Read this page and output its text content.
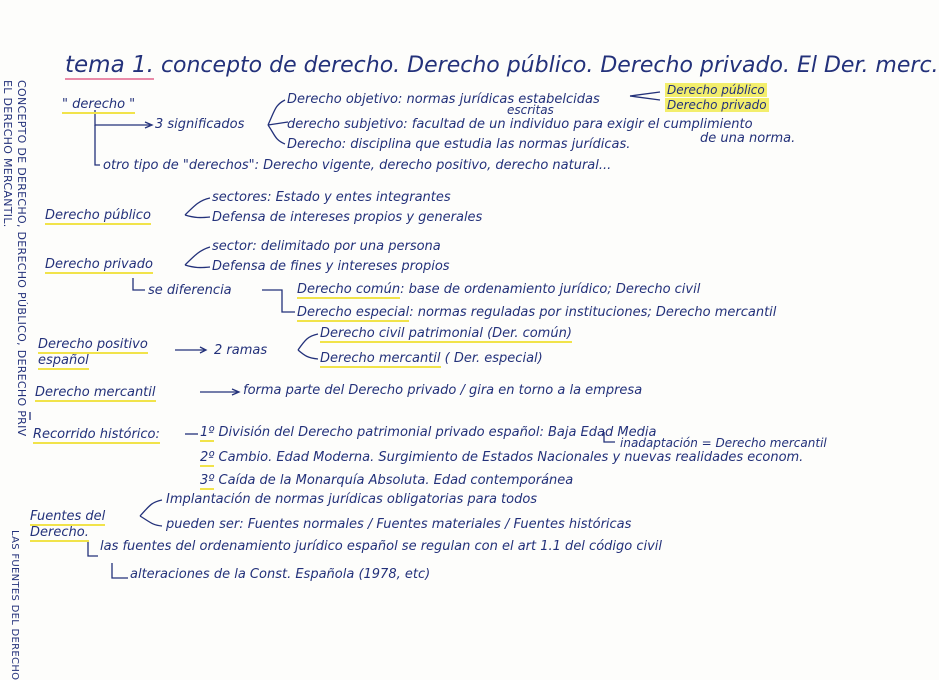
CONCEPTO DE DERECHO, DERECHO PÚBLICO, DERECHO PRIV
EL DERECHO MERCANTIL.
LAS FUENTES DEL DERECHO
tema 1. concepto de derecho. Derecho público. Derecho privado. El Der. merc.
" derecho "
3 significados
Derecho objetivo: normas jurídicas estabelcidas
escritas
Derecho público
Derecho privado
derecho subjetivo: facultad de un individuo para exigir el cumplimiento
de una norma.
Derecho: disciplina que estudia las normas jurídicas.
otro tipo de "derechos": Derecho vigente, derecho positivo, derecho natural...
Derecho público
sectores: Estado y entes integrantes
Defensa de intereses propios y generales
Derecho privado
sector: delimitado por una persona
Defensa de fines y intereses propios
se diferencia	Derecho común: base de ordenamiento jurídico; Derecho civil
Derecho especial: normas reguladas por instituciones; Derecho mercantil
Derecho positivo
español
2 ramas
Derecho civil patrimonial (Der. común)
Derecho mercantil ( Der. especial)
Derecho mercantil	forma parte del Derecho privado / gira en torno a la empresa
Recorrido histórico:	1º División del Derecho patrimonial privado español: Baja Edad Media
inadaptación = Derecho mercantil
2º Cambio. Edad Moderna. Surgimiento de Estados Nacionales y nuevas realidades econom.
3º Caída de la Monarquía Absoluta. Edad contemporánea
Fuentes del
Derecho.
Implantación de normas jurídicas obligatorias para todos
pueden ser: Fuentes normales / Fuentes materiales / Fuentes históricas
las fuentes del ordenamiento jurídico español se regulan con el art 1.1 del código civil
alteraciones de la Const. Española (1978, etc)
